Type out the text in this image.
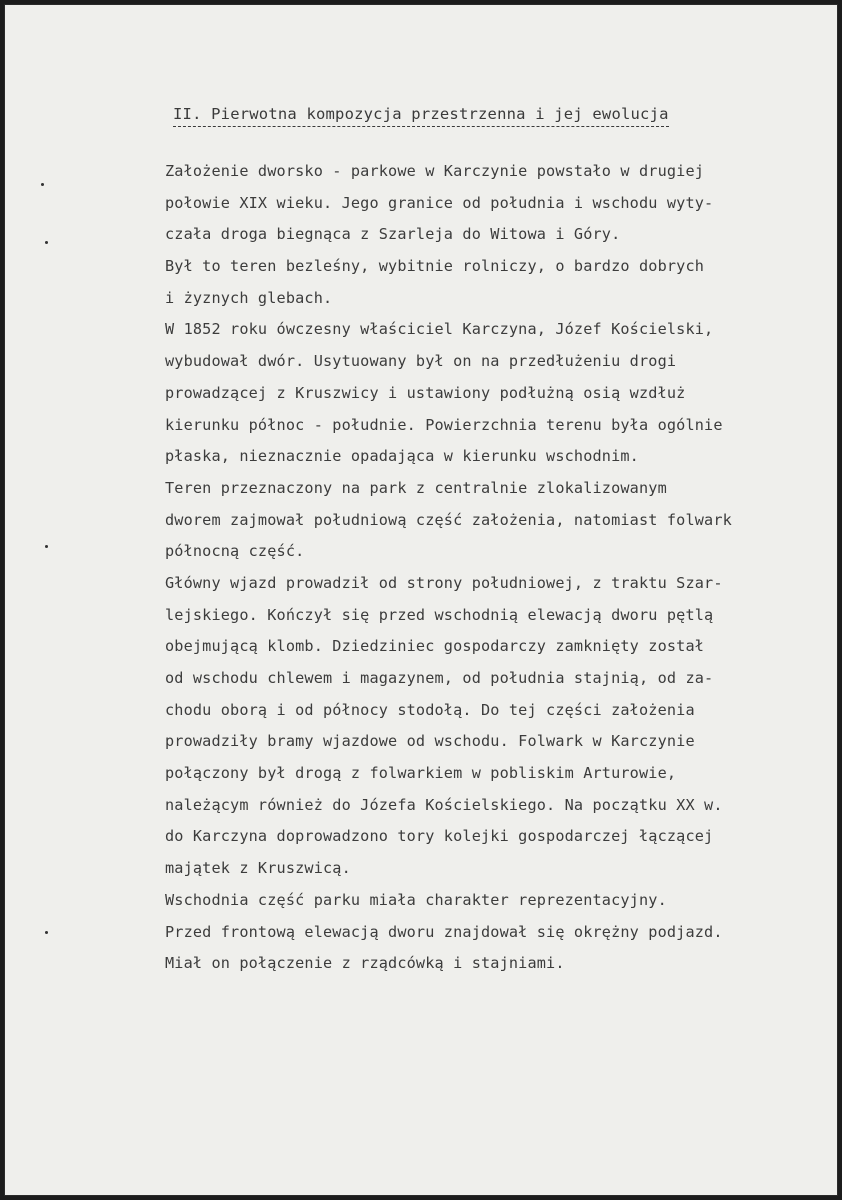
II. Pierwotna kompozycja przestrzenna i jej ewolucja
Założenie dworsko - parkowe w Karczynie powstało w drugiej
połowie XIX wieku. Jego granice od południa i wschodu wyty-
czała droga biegnąca z Szarleja do Witowa i Góry.
Był to teren bezleśny, wybitnie rolniczy, o bardzo dobrych
i żyznych glebach.
W 1852 roku ówczesny właściciel Karczyna, Józef Kościelski,
wybudował dwór. Usytuowany był on na przedłużeniu drogi
prowadzącej z Kruszwicy i ustawiony podłużną osią wzdłuż
kierunku północ - południe. Powierzchnia terenu była ogólnie
płaska, nieznacznie opadająca w kierunku wschodnim.
Teren przeznaczony na park z centralnie zlokalizowanym
dworem zajmował południową część założenia, natomiast folwark
północną część.
Główny wjazd prowadził od strony południowej, z traktu Szar-
lejskiego. Kończył się przed wschodnią elewacją dworu pętlą
obejmującą klomb. Dziedziniec gospodarczy zamknięty został
od wschodu chlewem i magazynem, od południa stajnią, od za-
chodu oborą i od północy stodołą. Do tej części założenia
prowadziły bramy wjazdowe od wschodu. Folwark w Karczynie
połączony był drogą z folwarkiem w pobliskim Arturowie,
należącym również do Józefa Kościelskiego. Na początku XX w.
do Karczyna doprowadzono tory kolejki gospodarczej łączącej
majątek z Kruszwicą.
Wschodnia część parku miała charakter reprezentacyjny.
Przed frontową elewacją dworu znajdował się okrężny podjazd.
Miał on połączenie z rządcówką i stajniami.
